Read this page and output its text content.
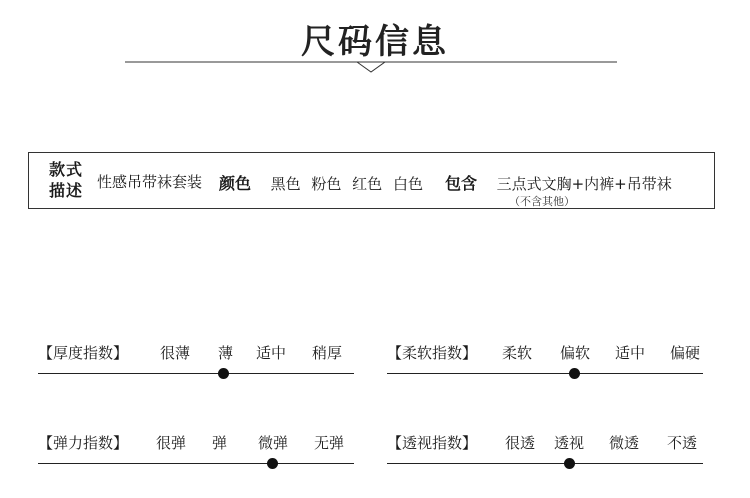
尺码信息
款式
描述 性感吊带袜套装 颜色 黑色 粉色 红色 白色	包含 三点式文胸+内裤+吊带袜
（不含其他）
【厚度指数】 很薄 薄 适中 稍厚	【柔软指数】 柔软 偏软 适中 偏硬
【弹力指数】 很弹 弹 微弹 无弹	【透视指数】 很透 透视 微透 不透
